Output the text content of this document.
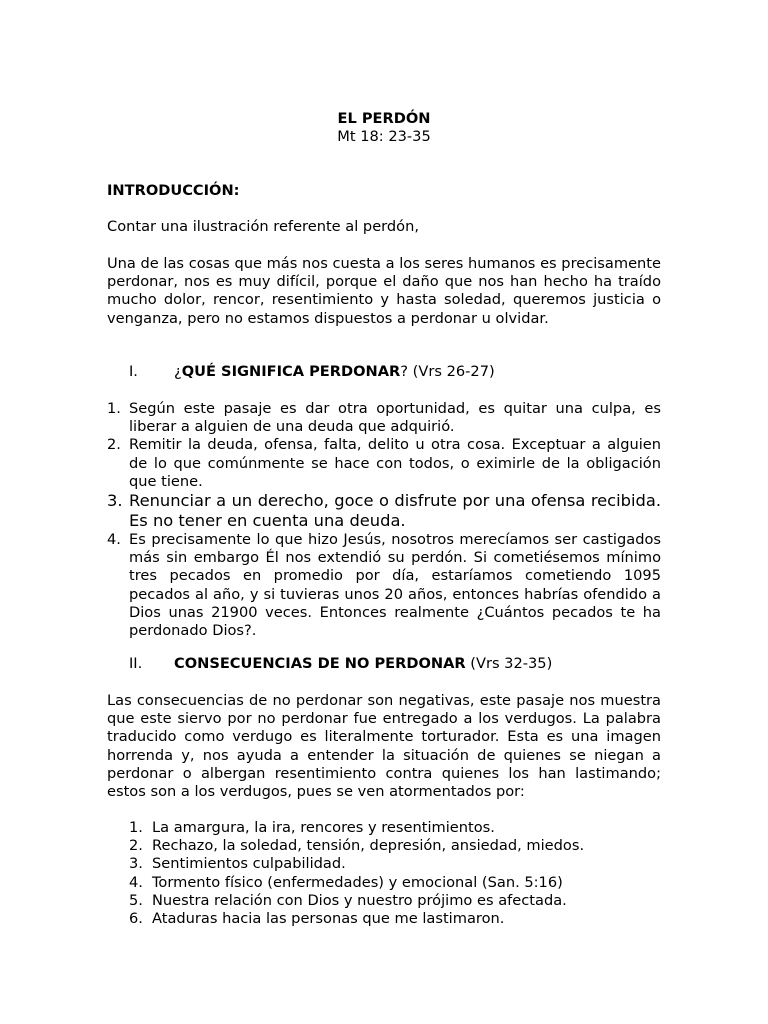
EL PERDÓN
Mt 18: 23-35
INTRODUCCIÓN:
Contar una ilustración referente al perdón,
Una de las cosas que más nos cuesta a los seres humanos es precisamente perdonar, nos es muy difícil, porque el daño que nos han hecho ha traído mucho dolor, rencor, resentimiento y hasta soledad, queremos justicia o venganza, pero no estamos dispuestos a perdonar u olvidar.
I. ¿QUÉ SIGNIFICA PERDONAR? (Vrs 26-27)
1. Según este pasaje es dar otra oportunidad, es quitar una culpa, es liberar a alguien de una deuda que adquirió.
2. Remitir la deuda, ofensa, falta, delito u otra cosa. Exceptuar a alguien de lo que comúnmente se hace con todos, o eximirle de la obligación que tiene.
3. Renunciar a un derecho, goce o disfrute por una ofensa recibida. Es no tener en cuenta una deuda.
4. Es precisamente lo que hizo Jesús, nosotros merecíamos ser castigados más sin embargo Él nos extendió su perdón. Si cometiésemos mínimo tres pecados en promedio por día, estaríamos cometiendo 1095 pecados al año, y si tuvieras unos 20 años, entonces habrías ofendido a Dios unas 21900 veces. Entonces realmente ¿Cuántos pecados te ha perdonado Dios?.
II. CONSECUENCIAS DE NO PERDONAR (Vrs 32-35)
Las consecuencias de no perdonar son negativas, este pasaje nos muestra que este siervo por no perdonar fue entregado a los verdugos. La palabra traducido como verdugo es literalmente torturador. Esta es una imagen horrenda y, nos ayuda a entender la situación de quienes se niegan a perdonar o albergan resentimiento contra quienes los han lastimando; estos son a los verdugos, pues se ven atormentados por:
1. La amargura, la ira, rencores y resentimientos.
2. Rechazo, la soledad, tensión, depresión, ansiedad, miedos.
3. Sentimientos culpabilidad.
4. Tormento físico (enfermedades) y emocional (San. 5:16)
5. Nuestra relación con Dios y nuestro prójimo es afectada.
6. Ataduras hacia las personas que me lastimaron.
